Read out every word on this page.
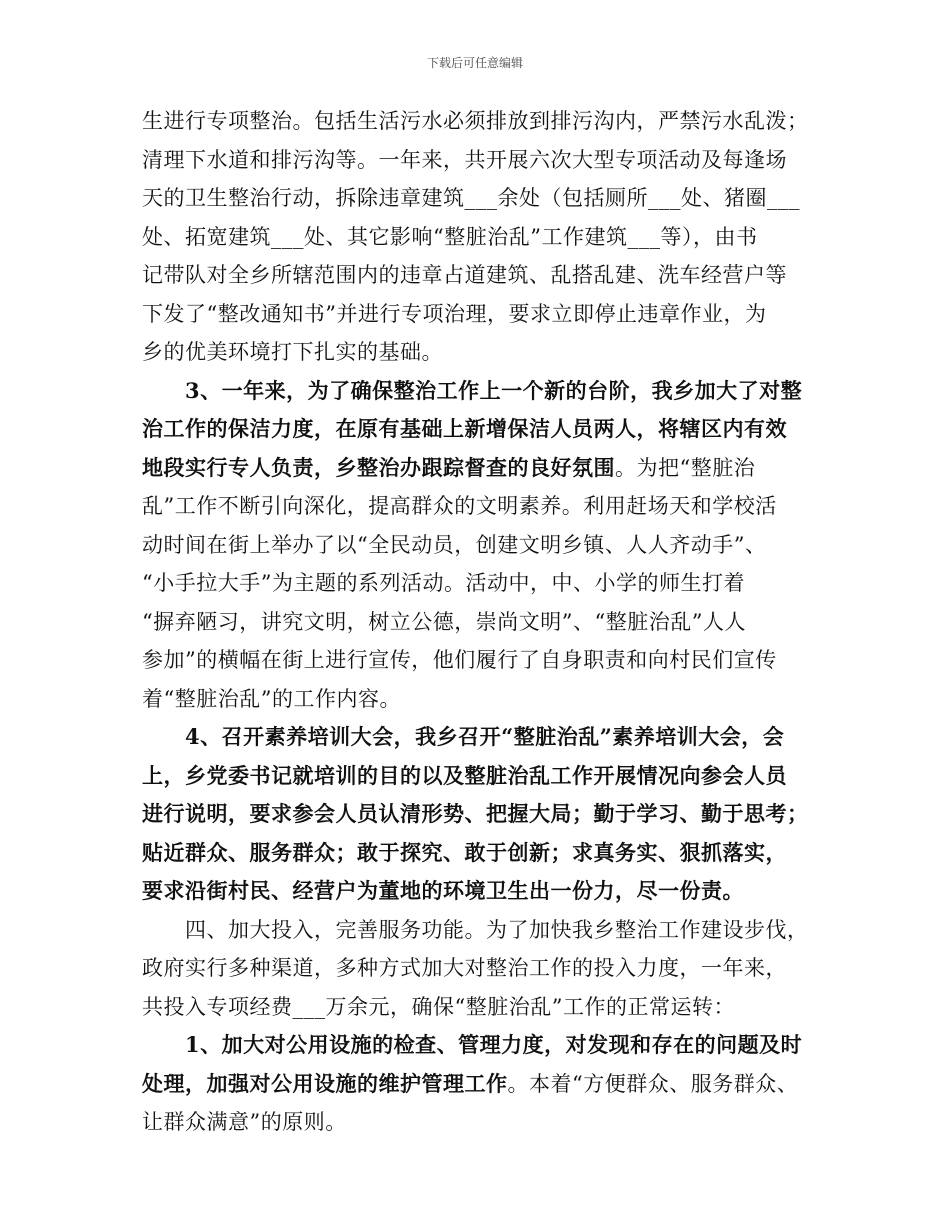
下载后可任意编辑
生进行专项整治。包括生活污水必须排放到排污沟内，严禁污水乱泼；
清理下水道和排污沟等。一年来，共开展六次大型专项活动及每逢场
天的卫生整治行动，拆除违章建筑___余处（包括厕所___处、猪圈___
处、拓宽建筑___处、其它影响“整脏治乱”工作建筑___等），由书
记带队对全乡所辖范围内的违章占道建筑、乱搭乱建、洗车经营户等
下发了“整改通知书”并进行专项治理，要求立即停止违章作业，为
乡的优美环境打下扎实的基础。
3、一年来，为了确保整治工作上一个新的台阶，我乡加大了对整
治工作的保洁力度，在原有基础上新增保洁人员两人，将辖区内有效
地段实行专人负责，乡整治办跟踪督查的良好氛围。为把“整脏治
乱”工作不断引向深化，提高群众的文明素养。利用赶场天和学校活
动时间在街上举办了以“全民动员，创建文明乡镇、人人齐动手”、
“小手拉大手”为主题的系列活动。活动中，中、小学的师生打着
“摒弃陋习，讲究文明，树立公德，崇尚文明”、“整脏治乱”人人
参加”的横幅在街上进行宣传，他们履行了自身职责和向村民们宣传
着“整脏治乱”的工作内容。
4、召开素养培训大会，我乡召开“整脏治乱”素养培训大会，会
上，乡党委书记就培训的目的以及整脏治乱工作开展情况向参会人员
进行说明，要求参会人员认清形势、把握大局；勤于学习、勤于思考；
贴近群众、服务群众；敢于探究、敢于创新；求真务实、狠抓落实，
要求沿街村民、经营户为董地的环境卫生出一份力，尽一份责。
四、加大投入，完善服务功能。为了加快我乡整治工作建设步伐，
政府实行多种渠道，多种方式加大对整治工作的投入力度，一年来，
共投入专项经费___万余元，确保“整脏治乱”工作的正常运转：
1、加大对公用设施的检查、管理力度，对发现和存在的问题及时
处理，加强对公用设施的维护管理工作。本着“方便群众、服务群众、
让群众满意”的原则。
